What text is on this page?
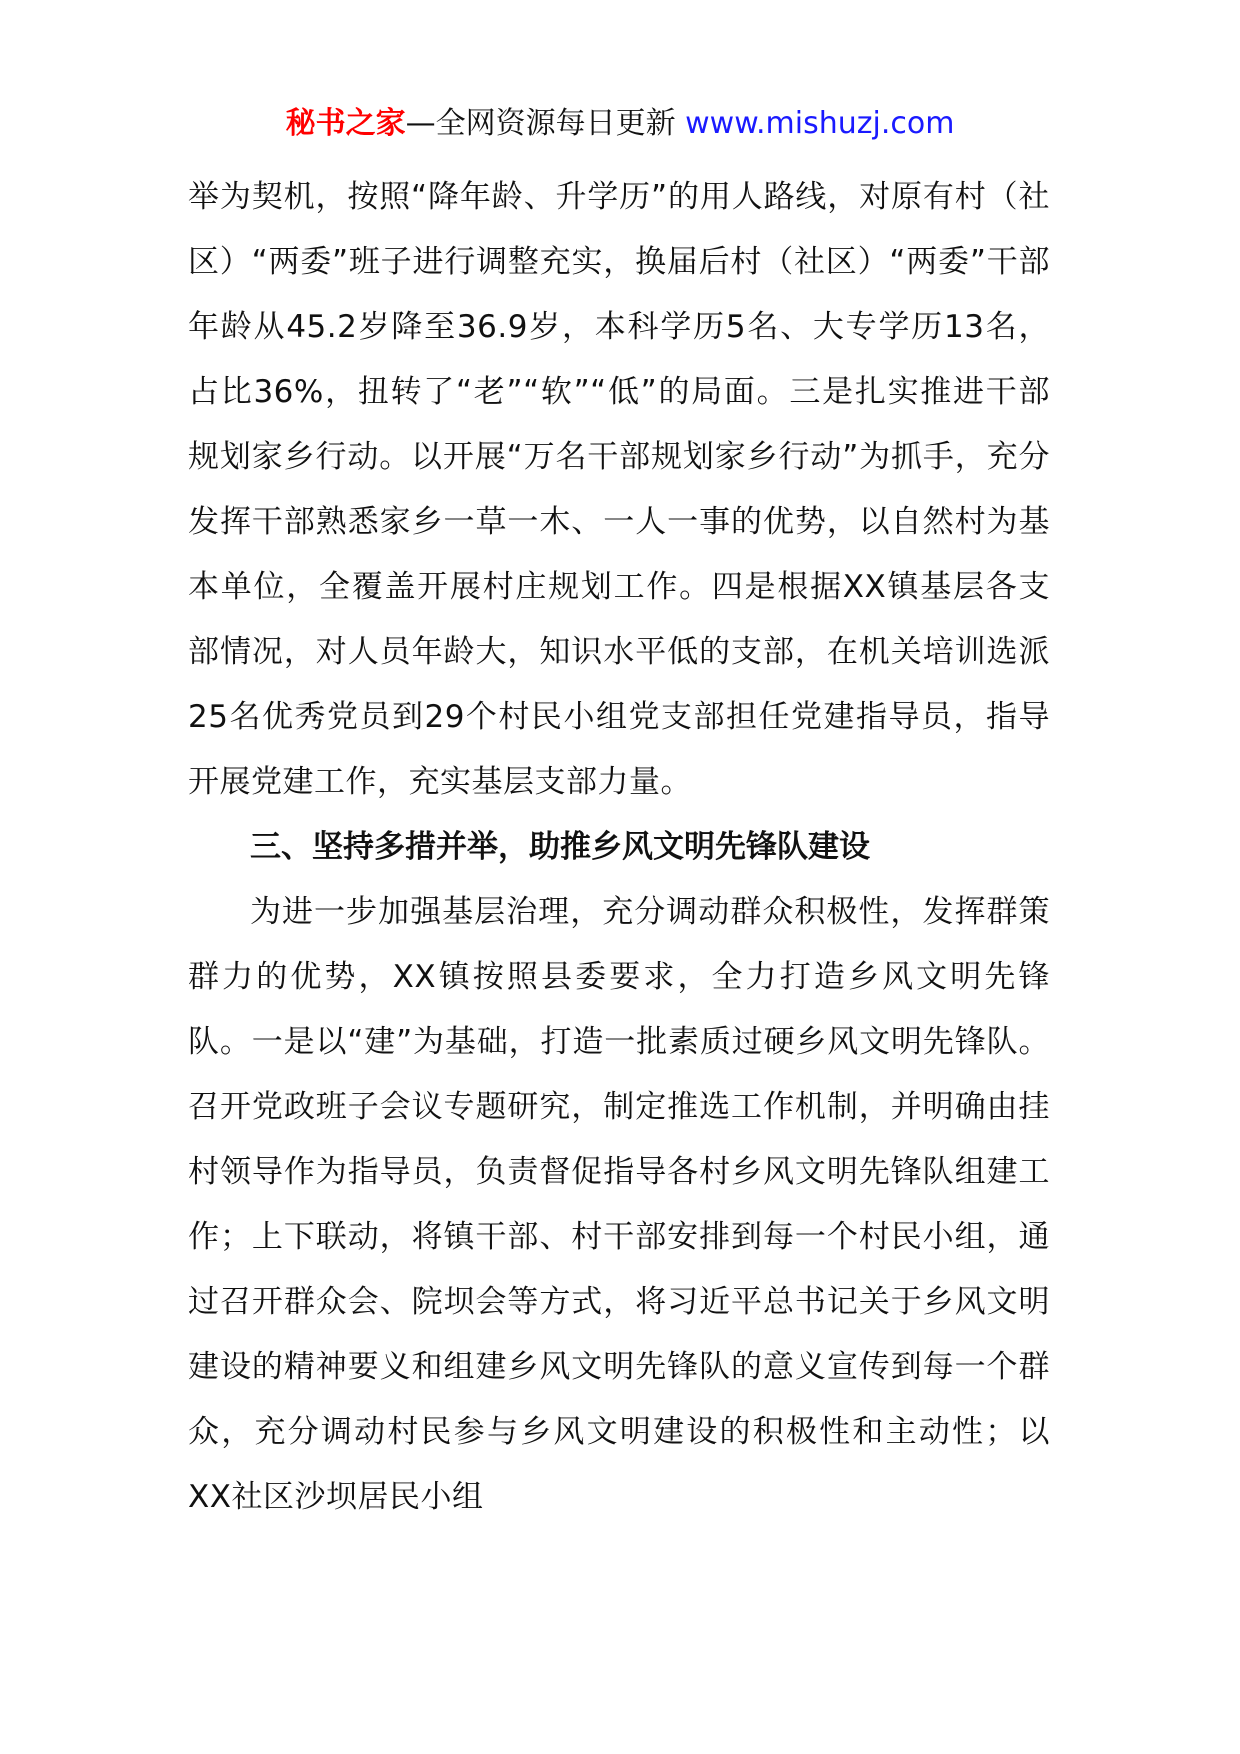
秘书之家—全网资源每日更新 www.mishuzj.com

举为契机，按照“降年龄、升学历”的用人路线，对原有村（社区）“两委”班子进行调整充实，换届后村（社区）“两委”干部年龄从45.2岁降至36.9岁，本科学历5名、大专学历13名，占比36%，扭转了“老”“软”“低”的局面。三是扎实推进干部规划家乡行动。以开展“万名干部规划家乡行动”为抓手，充分发挥干部熟悉家乡一草一木、一人一事的优势，以自然村为基本单位，全覆盖开展村庄规划工作。四是根据XX镇基层各支部情况，对人员年龄大，知识水平低的支部，在机关培训选派25名优秀党员到29个村民小组党支部担任党建指导员，指导开展党建工作，充实基层支部力量。

三、坚持多措并举，助推乡风文明先锋队建设

为进一步加强基层治理，充分调动群众积极性，发挥群策群力的优势，XX镇按照县委要求，全力打造乡风文明先锋队。一是以“建”为基础，打造一批素质过硬乡风文明先锋队。召开党政班子会议专题研究，制定推选工作机制，并明确由挂村领导作为指导员，负责督促指导各村乡风文明先锋队组建工作；上下联动，将镇干部、村干部安排到每一个村民小组，通过召开群众会、院坝会等方式，将习近平总书记关于乡风文明建设的精神要义和组建乡风文明先锋队的意义宣传到每一个群众，充分调动村民参与乡风文明建设的积极性和主动性；以XX社区沙坝居民小组
